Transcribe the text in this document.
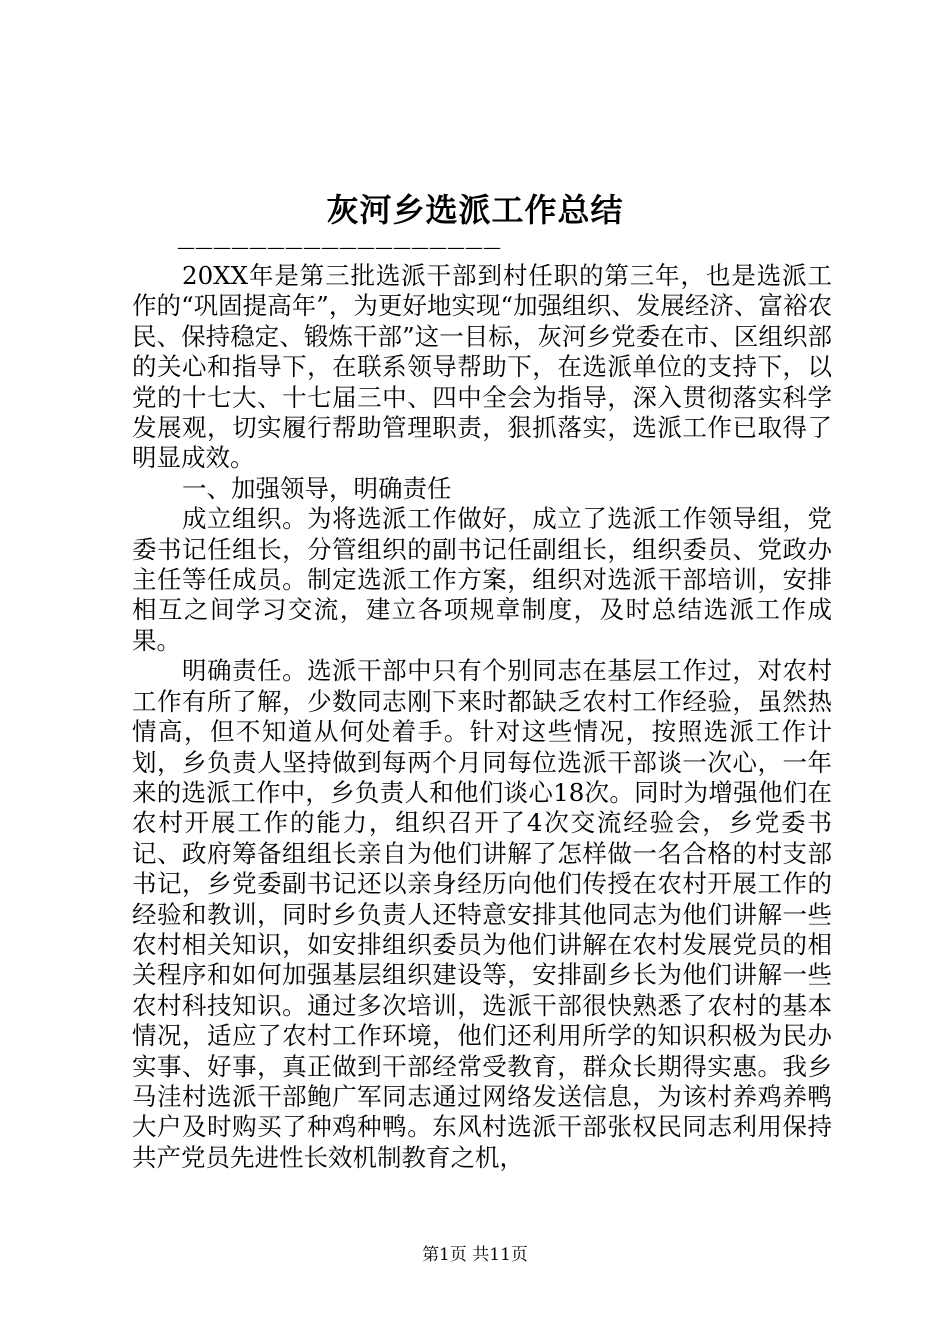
灰河乡选派工作总结
——————————————————

20XX年是第三批选派干部到村任职的第三年，也是选派工作的“巩固提高年”，为更好地实现“加强组织、发展经济、富裕农民、保持稳定、锻炼干部”这一目标，灰河乡党委在市、区组织部的关心和指导下，在联系领导帮助下，在选派单位的支持下，以党的十七大、十七届三中、四中全会为指导，深入贯彻落实科学发展观，切实履行帮助管理职责，狠抓落实，选派工作已取得了明显成效。

一、加强领导，明确责任

成立组织。为将选派工作做好，成立了选派工作领导组，党委书记任组长，分管组织的副书记任副组长，组织委员、党政办主任等任成员。制定选派工作方案，组织对选派干部培训，安排相互之间学习交流，建立各项规章制度，及时总结选派工作成果。

明确责任。选派干部中只有个别同志在基层工作过，对农村工作有所了解，少数同志刚下来时都缺乏农村工作经验，虽然热情高，但不知道从何处着手。针对这些情况，按照选派工作计划，乡负责人坚持做到每两个月同每位选派干部谈一次心，一年来的选派工作中，乡负责人和他们谈心18次。同时为增强他们在农村开展工作的能力，组织召开了4次交流经验会，乡党委书记、政府筹备组组长亲自为他们讲解了怎样做一名合格的村支部书记，乡党委副书记还以亲身经历向他们传授在农村开展工作的经验和教训，同时乡负责人还特意安排其他同志为他们讲解一些农村相关知识，如安排组织委员为他们讲解在农村发展党员的相关程序和如何加强基层组织建设等，安排副乡长为他们讲解一些农村科技知识。通过多次培训，选派干部很快熟悉了农村的基本情况，适应了农村工作环境，他们还利用所学的知识积极为民办实事、好事，真正做到干部经常受教育，群众长期得实惠。我乡马洼村选派干部鲍广军同志通过网络发送信息，为该村养鸡养鸭大户及时购买了种鸡种鸭。东风村选派干部张权民同志利用保持共产党员先进性长效机制教育之机，

第1页 共11页
